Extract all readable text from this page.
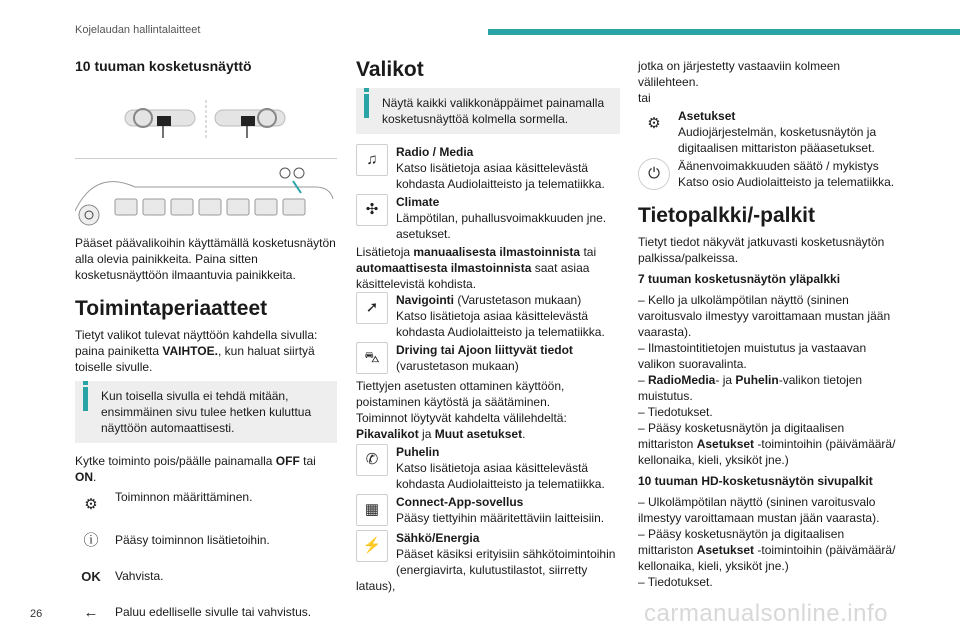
Kojelaudan hallintalaitteet
10 tuuman kosketusnäyttö

Pääset päävalikoihin käyttämällä kosketusnäytön alla olevia painikkeita. Paina sitten kosketusnäyttöön ilmaantuvia painikkeita.

Toimintaperiaatteet

Tietyt valikot tulevat näyttöön kahdella sivulla: paina painiketta VAIHTOE., kun haluat siirtyä toiselle sivulle.

Kun toisella sivulla ei tehdä mitään, ensimmäinen sivu tulee hetken kuluttua näyttöön automaattisesti.

Kytke toiminto pois/päälle painamalla OFF tai ON.

⚙	Toiminnon määrittäminen.
ⓘ	Pääsy toiminnon lisätietoihin.
OK	Vahvista.
←	Paluu edelliselle sivulle tai vahvistus.
Valikot
Näytä kaikki valikkonäppäimet painamalla kosketusnäyttöä kolmella sormella.
♫	Radio / Media
Katso lisätietoja asiaa käsittelevästä kohdasta Audiolaitteisto ja telematiikka.
✣	Climate
Lämpötilan, puhallusvoimakkuuden jne. asetukset.

Lisätietoja manuaalisesta ilmastoinnista tai automaattisesta ilmastoinnista saat asiaa käsittelevistä kohdista.

➚	Navigointi (Varustetason mukaan)
Katso lisätietoja asiaa käsittelevästä kohdasta Audiolaitteisto ja telematiikka.
⛍	Driving tai Ajoon liittyvät tiedot
(varustetason mukaan)

Tiettyjen asetusten ottaminen käyttöön, poistaminen käytöstä ja säätäminen.

Toiminnot löytyvät kahdelta välilehdeltä: Pikavalikot ja Muut asetukset.

✆	Puhelin
Katso lisätietoja asiaa käsittelevästä kohdasta Audiolaitteisto ja telematiikka.
▦	Connect-App-sovellus
Pääsy tiettyihin määritettäviin laitteisiin.
⚡	Sähkö/Energia
Pääset käsiksi erityisiin sähkötoimintoihin (energiavirta, kulutustilastot, siirretty lataus),

jotka on järjestetty vastaaviin kolmeen välilehteen.

tai

⚙	Asetukset
Audiojärjestelmän, kosketusnäytön ja digitaalisen mittariston pääasetukset.
⏻	Äänenvoimakkuuden säätö / mykistys Katso osio Audiolaitteisto ja telematiikka.
Tietopalkki/-palkit

Tietyt tiedot näkyvät jatkuvasti kosketusnäytön palkissa/palkeissa.

7 tuuman kosketusnäytön yläpalkki

– Kello ja ulkolämpötilan näyttö (sininen varoitusvalo ilmestyy varoittamaan mustan jään vaarasta).

– Ilmastointitietojen muistutus ja vastaavan valikon suoravalinta.

– RadioMedia- ja Puhelin-valikon tietojen muistutus.

– Tiedotukset.

– Pääsy kosketusnäytön ja digitaalisen mittariston Asetukset -toimintoihin (päivämäärä/ kellonaika, kieli, yksiköt jne.)

10 tuuman HD-kosketusnäytön sivupalkit

– Ulkolämpötilan näyttö (sininen varoitusvalo ilmestyy varoittamaan mustan jään vaarasta).

– Pääsy kosketusnäytön ja digitaalisen mittariston Asetukset -toimintoihin (päivämäärä/ kellonaika, kieli, yksiköt jne.)

– Tiedotukset.

26	carmanualsonline.info
